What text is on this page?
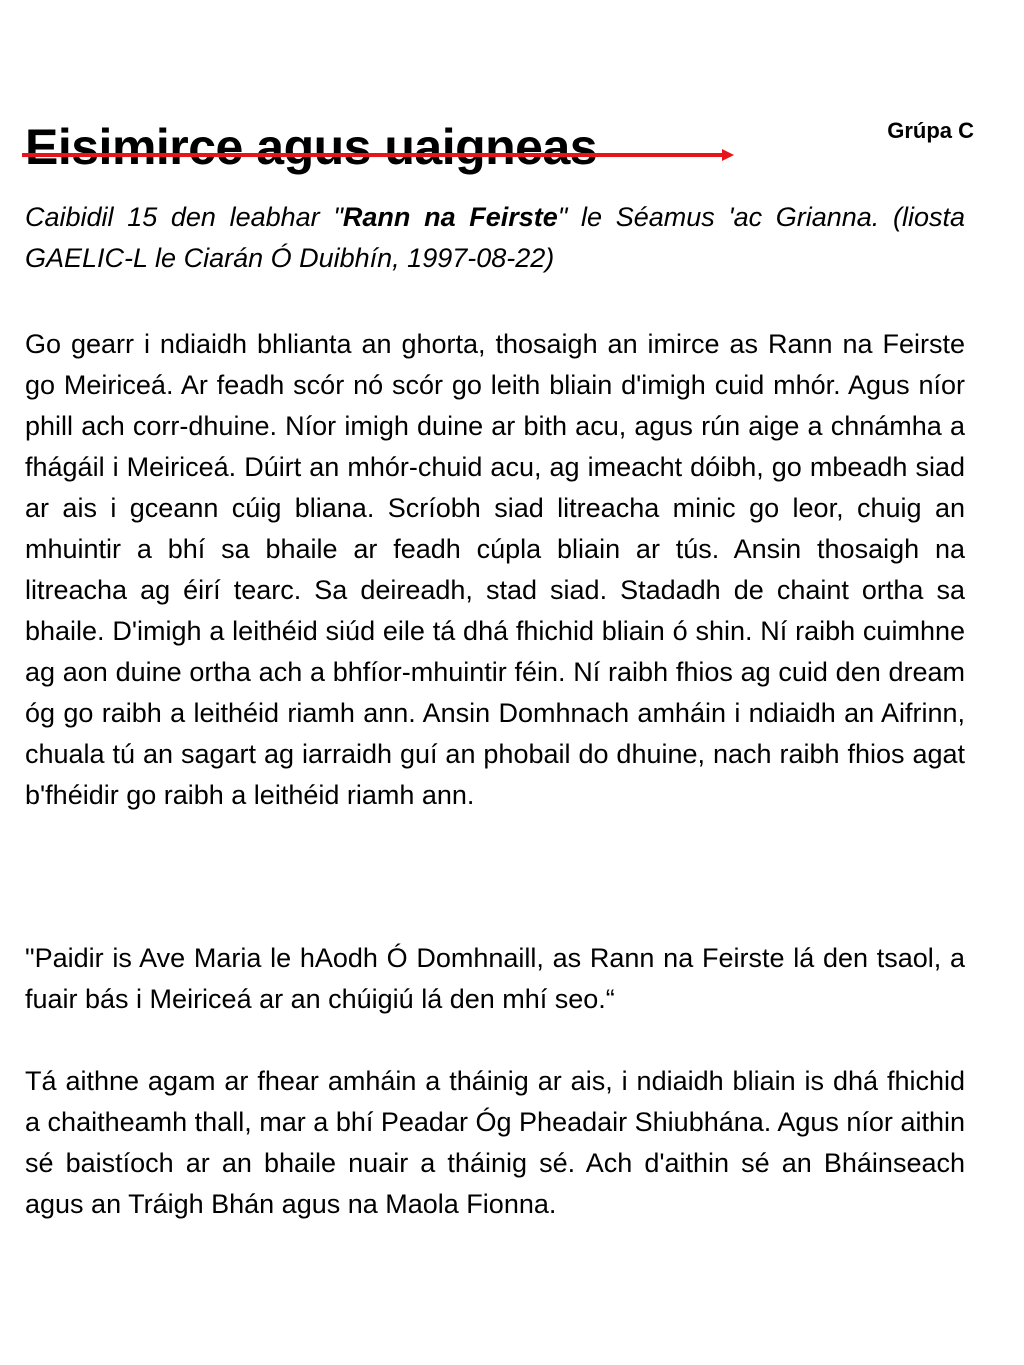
Eisimirce agus uaigneas	Grúpa C

Caibidil 15 den leabhar "Rann na Feirste" le Séamus 'ac Grianna. (liosta GAELIC-L le Ciarán Ó Duibhín, 1997-08-22)

Go gearr i ndiaidh bhlianta an ghorta, thosaigh an imirce as Rann na Feirste go Meiriceá. Ar feadh scór nó scór go leith bliain d'imigh cuid mhór. Agus níor phill ach corr-dhuine. Níor imigh duine ar bith acu, agus rún aige a chnámha a fhágáil i Meiriceá. Dúirt an mhór-chuid acu, ag imeacht dóibh, go mbeadh siad ar ais i gceann cúig bliana. Scríobh siad litreacha minic go leor, chuig an mhuintir a bhí sa bhaile ar feadh cúpla bliain ar tús. Ansin thosaigh na litreacha ag éirí tearc. Sa deireadh, stad siad. Stadadh de chaint ortha sa bhaile. D'imigh a leithéid siúd eile tá dhá fhichid bliain ó shin. Ní raibh cuimhne ag aon duine ortha ach a bhfíor-mhuintir féin. Ní raibh fhios ag cuid den dream óg go raibh a leithéid riamh ann. Ansin Domhnach amháin i ndiaidh an Aifrinn, chuala tú an sagart ag iarraidh guí an phobail do dhuine, nach raibh fhios agat b'fhéidir go raibh a leithéid riamh ann.

"Paidir is Ave Maria le hAodh Ó Domhnaill, as Rann na Feirste lá den tsaol, a fuair bás i Meiriceá ar an chúigiú lá den mhí seo.“

Tá aithne agam ar fhear amháin a tháinig ar ais, i ndiaidh bliain is dhá fhichid a chaitheamh thall, mar a bhí Peadar Óg Pheadair Shiubhána. Agus níor aithin sé baistíoch ar an bhaile nuair a tháinig sé. Ach d'aithin sé an Bháinseach agus an Tráigh Bhán agus na Maola Fionna.
